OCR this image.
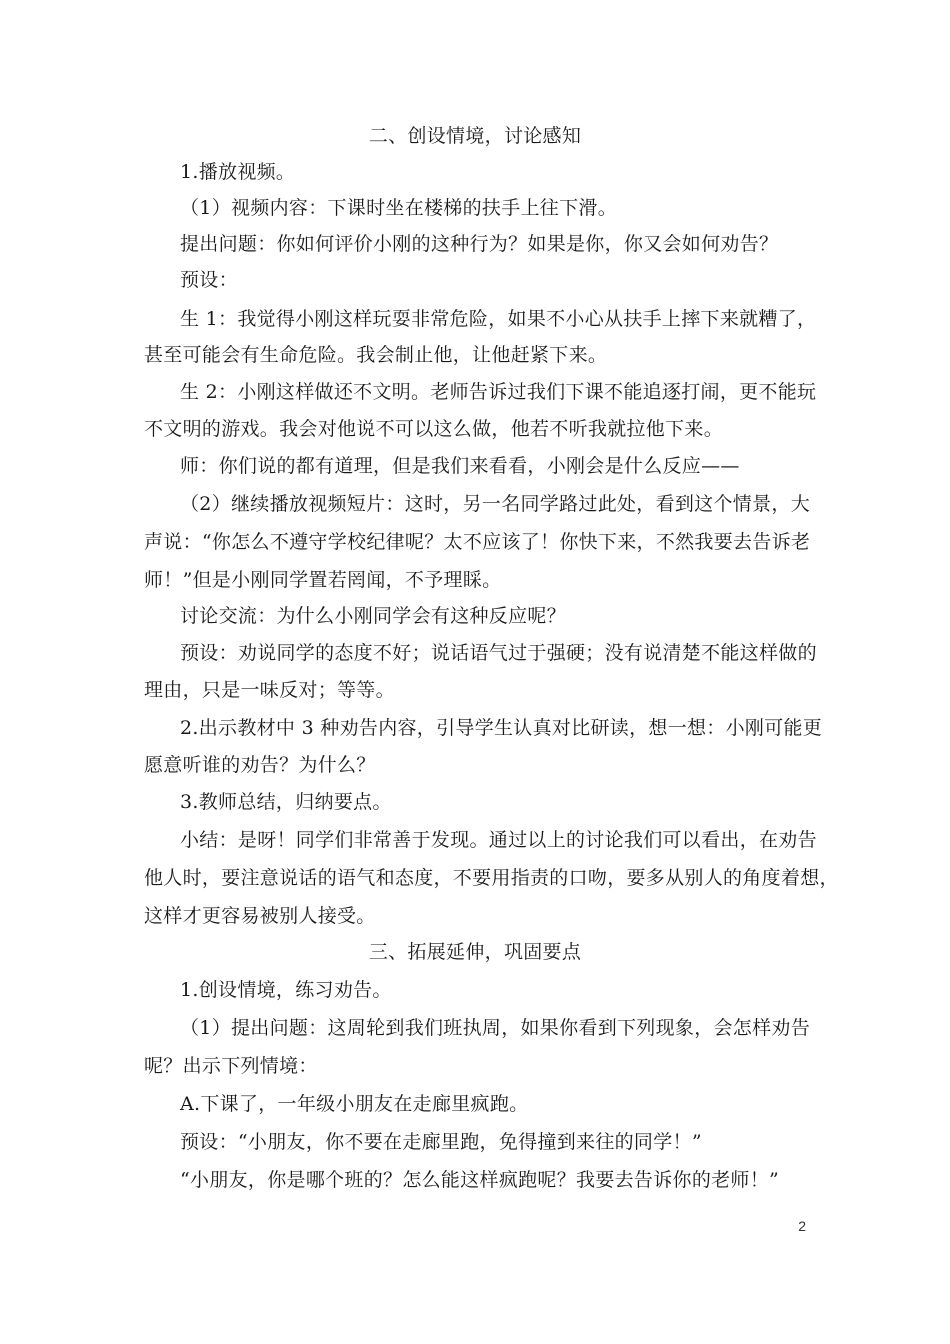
二、创设情境，讨论感知
1.播放视频。
（1）视频内容：下课时坐在楼梯的扶手上往下滑。
提出问题：你如何评价小刚的这种行为？如果是你，你又会如何劝告？
预设：
生 1：我觉得小刚这样玩耍非常危险，如果不小心从扶手上摔下来就糟了，
甚至可能会有生命危险。我会制止他，让他赶紧下来。
生 2：小刚这样做还不文明。老师告诉过我们下课不能追逐打闹，更不能玩
不文明的游戏。我会对他说不可以这么做，他若不听我就拉他下来。
师：你们说的都有道理，但是我们来看看，小刚会是什么反应——
（2）继续播放视频短片：这时，另一名同学路过此处，看到这个情景，大
声说：“你怎么不遵守学校纪律呢？太不应该了！你快下来，不然我要去告诉老
师！”但是小刚同学置若罔闻，不予理睬。
讨论交流：为什么小刚同学会有这种反应呢？
预设：劝说同学的态度不好；说话语气过于强硬；没有说清楚不能这样做的
理由，只是一味反对；等等。
2.出示教材中 3 种劝告内容，引导学生认真对比研读，想一想：小刚可能更
愿意听谁的劝告？为什么？
3.教师总结，归纳要点。
小结：是呀！同学们非常善于发现。通过以上的讨论我们可以看出，在劝告
他人时，要注意说话的语气和态度，不要用指责的口吻，要多从别人的角度着想，
这样才更容易被别人接受。
三、拓展延伸，巩固要点
1.创设情境，练习劝告。
（1）提出问题：这周轮到我们班执周，如果你看到下列现象，会怎样劝告
呢？出示下列情境：
A.下课了，一年级小朋友在走廊里疯跑。
预设：“小朋友，你不要在走廊里跑，免得撞到来往的同学！”
“小朋友，你是哪个班的？怎么能这样疯跑呢？我要去告诉你的老师！”
2
